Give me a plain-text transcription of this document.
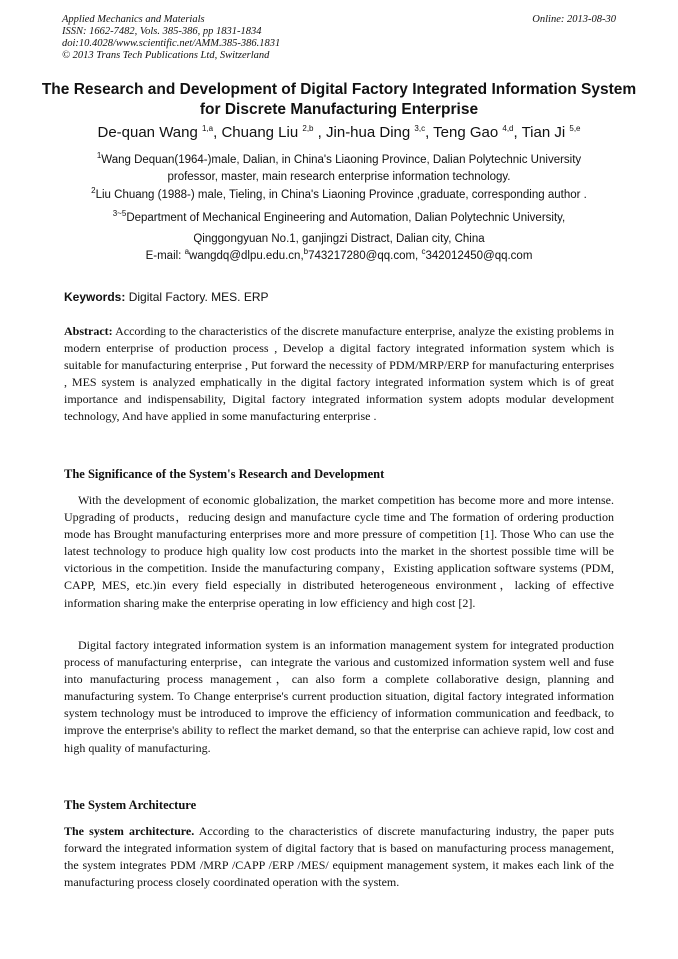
Applied Mechanics and Materials
ISSN: 1662-7482, Vols. 385-386, pp 1831-1834
doi:10.4028/www.scientific.net/AMM.385-386.1831
© 2013 Trans Tech Publications Ltd, Switzerland
Online: 2013-08-30
The Research and Development of Digital Factory Integrated Information System for Discrete Manufacturing Enterprise
De-quan Wang $^{1,a}$, Chuang Liu $^{2,b}$ , Jin-hua Ding $^{3,c}$, Teng Gao $^{4,d}$, Tian Ji $^{5,e}$
$^1$Wang Dequan(1964-)male, Dalian, in China's Liaoning Province, Dalian Polytechnic University
professor, master, main research enterprise information technology.
$^2$Liu Chuang (1988-) male, Tieling, in China's Liaoning Province ,graduate, corresponding author .
$^{3\sim 5}$Department of Mechanical Engineering and Automation, Dalian Polytechnic University,
Qinggongyuan No.1, ganjingzi Distract, Dalian city, China
E-mail: $^a$wangdq@dlpu.edu.cn,$^b$743217280@qq.com, $^c$342012450@qq.com
Keywords: Digital Factory. MES. ERP
Abstract: According to the characteristics of the discrete manufacture enterprise, analyze the existing problems in modern enterprise of production process , Develop a digital factory integrated information system which is suitable for manufacturing enterprise , Put forward the necessity of PDM/MRP/ERP for manufacturing enterprises , MES system is analyzed emphatically in the digital factory integrated information system which is of great importance and indispensability, Digital factory integrated information system adopts modular development technology, And have applied in some manufacturing enterprise .
The Significance of the System's Research and Development
With the development of economic globalization, the market competition has become more and more intense. Upgrading of products，reducing design and manufacture cycle time and The formation of ordering production mode has Brought manufacturing enterprises more and more pressure of competition [1]. Those Who can use the latest technology to produce high quality low cost products into the market in the shortest possible time will be victorious in the competition. Inside the manufacturing company，Existing application software systems (PDM, CAPP, MES, etc.)in every field especially in distributed heterogeneous environment，lacking of effective information sharing make the enterprise operating in low efficiency and high cost [2].
Digital factory integrated information system is an information management system for integrated production process of manufacturing enterprise，can integrate the various and customized information system well and fuse into manufacturing process management，can also form a complete collaborative design, planning and manufacturing system. To Change enterprise's current production situation, digital factory integrated information system technology must be introduced to improve the efficiency of information communication and feedback, to improve the enterprise's ability to reflect the market demand, so that the enterprise can achieve rapid, low cost and high quality of manufacturing.
The System Architecture
The system architecture. According to the characteristics of discrete manufacturing industry, the paper puts forward the integrated information system of digital factory that is based on manufacturing process management, the system integrates PDM /MRP /CAPP /ERP /MES/ equipment management system, it makes each link of the manufacturing process closely coordinated operation with the system.
